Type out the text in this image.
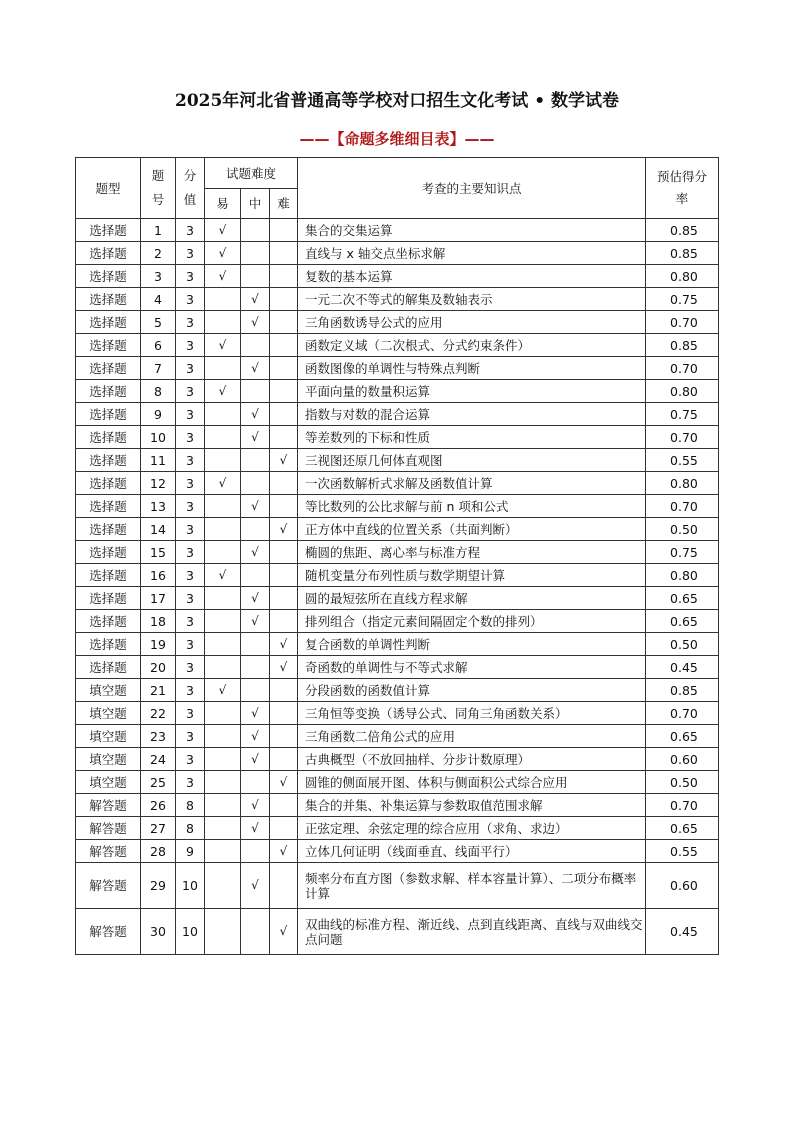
2025年河北省普通高等学校对口招生文化考试 • 数学试卷
——【命题多维细目表】——
题型	题号	分值	试题难度			考查的主要知识点	预估得分率
			易	中	难		
选择题	1	3	√			集合的交集运算	0.85
选择题	2	3	√			直线与 x 轴交点坐标求解	0.85
选择题	3	3	√			复数的基本运算	0.80
选择题	4	3		√		一元二次不等式的解集及数轴表示	0.75
选择题	5	3		√		三角函数诱导公式的应用	0.70
选择题	6	3	√			函数定义域（二次根式、分式约束条件）	0.85
选择题	7	3		√		函数图像的单调性与特殊点判断	0.70
选择题	8	3	√			平面向量的数量积运算	0.80
选择题	9	3		√		指数与对数的混合运算	0.75
选择题	10	3		√		等差数列的下标和性质	0.70
选择题	11	3			√	三视图还原几何体直观图	0.55
选择题	12	3	√			一次函数解析式求解及函数值计算	0.80
选择题	13	3		√		等比数列的公比求解与前 n 项和公式	0.70
选择题	14	3			√	正方体中直线的位置关系（共面判断）	0.50
选择题	15	3		√		椭圆的焦距、离心率与标准方程	0.75
选择题	16	3	√			随机变量分布列性质与数学期望计算	0.80
选择题	17	3		√		圆的最短弦所在直线方程求解	0.65
选择题	18	3		√		排列组合（指定元素间隔固定个数的排列）	0.65
选择题	19	3			√	复合函数的单调性判断	0.50
选择题	20	3			√	奇函数的单调性与不等式求解	0.45
填空题	21	3	√			分段函数的函数值计算	0.85
填空题	22	3		√		三角恒等变换（诱导公式、同角三角函数关系）	0.70
填空题	23	3		√		三角函数二倍角公式的应用	0.65
填空题	24	3		√		古典概型（不放回抽样、分步计数原理）	0.60
填空题	25	3			√	圆锥的侧面展开图、体积与侧面积公式综合应用	0.50
解答题	26	8		√		集合的并集、补集运算与参数取值范围求解	0.70
解答题	27	8		√		正弦定理、余弦定理的综合应用（求角、求边）	0.65
解答题	28	9			√	立体几何证明（线面垂直、线面平行）	0.55
解答题	29	10		√		频率分布直方图（参数求解、样本容量计算）、二项分布概率计算	0.60
解答题	30	10			√	双曲线的标准方程、渐近线、点到直线距离、直线与双曲线交点问题	0.45
